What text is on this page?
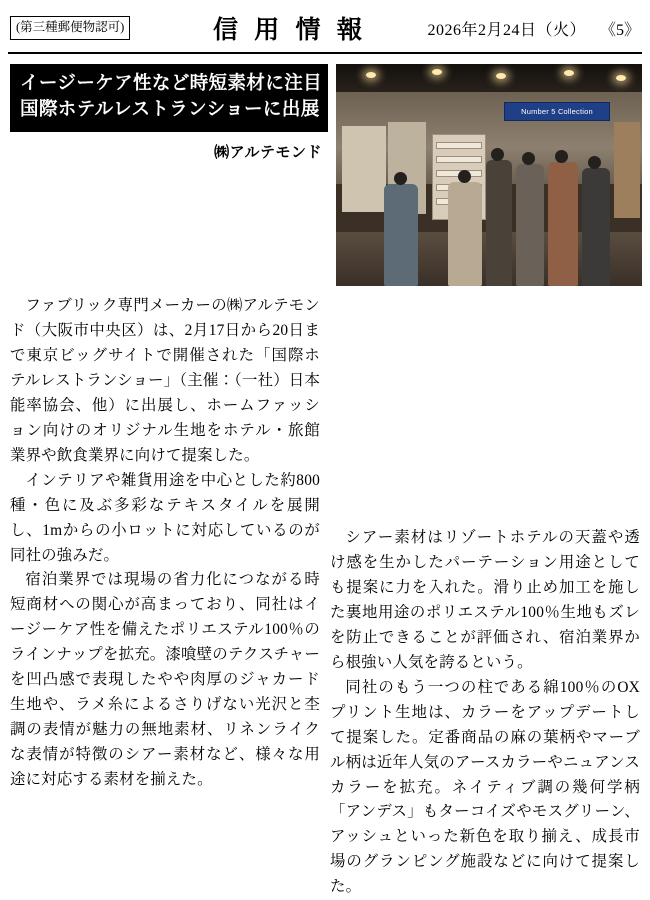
(第三種郵便物認可)	信 用 情 報	2026年2月24日（火） 《5》
イージーケア性など時短素材に注目
国際ホテルレストランショーに出展
㈱アルテモンド
Number 5 Collection

ファブリック専門メーカーの㈱アルテモンド（大阪市中央区）は、2月17日から20日まで東京ビッグサイトで開催された「国際ホテルレストランショー」（主催：（一社）日本能率協会、他）に出展し、ホームファッション向けのオリジナル生地をホテル・旅館業界や飲食業界に向けて提案した。

インテリアや雑貨用途を中心とした約800種・色に及ぶ多彩なテキスタイルを展開し、1mからの小ロットに対応しているのが同社の強みだ。

宿泊業界では現場の省力化につながる時短商材への関心が高まっており、同社はイージーケア性を備えたポリエステル100％のラインナップを拡充。漆喰壁のテクスチャーを凹凸感で表現したやや肉厚のジャカード生地や、ラメ糸によるさりげない光沢と杢調の表情が魅力の無地素材、リネンライクな表情が特徴のシアー素材など、様々な用途に対応する素材を揃えた。

シアー素材はリゾートホテルの天蓋や透け感を生かしたパーテーション用途としても提案に力を入れた。滑り止め加工を施した裏地用途のポリエステル100％生地もズレを防止できることが評価され、宿泊業界から根強い人気を誇るという。

同社のもう一つの柱である綿100％のOXプリント生地は、カラーをアップデートして提案した。定番商品の麻の葉柄やマーブル柄は近年人気のアースカラーやニュアンスカラーを拡充。ネイティブ調の幾何学柄「アンデス」もターコイズやモスグリーン、アッシュといった新色を取り揃え、成長市場のグランピング施設などに向けて提案した。
